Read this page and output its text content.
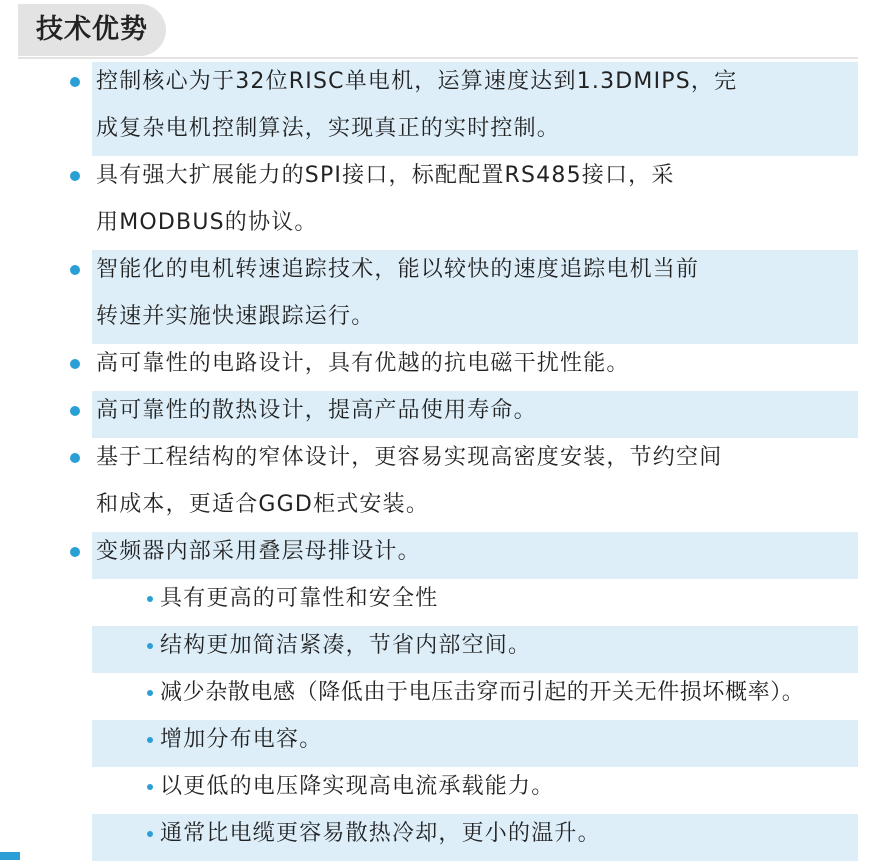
技术优势
控制核心为于32位RISC单电机，运算速度达到1.3DMIPS，完
成复杂电机控制算法，实现真正的实时控制。
具有强大扩展能力的SPI接口，标配配置RS485接口，采
用MODBUS的协议。
智能化的电机转速追踪技术，能以较快的速度追踪电机当前
转速并实施快速跟踪运行。
高可靠性的电路设计，具有优越的抗电磁干扰性能。
高可靠性的散热设计，提高产品使用寿命。
基于工程结构的窄体设计，更容易实现高密度安装，节约空间
和成本，更适合GGD柜式安装。
变频器内部采用叠层母排设计。
具有更高的可靠性和安全性
结构更加简洁紧凑，节省内部空间。
减少杂散电感（降低由于电压击穿而引起的开关无件损坏概率）。
增加分布电容。
以更低的电压降实现高电流承载能力。
通常比电缆更容易散热冷却，更小的温升。
